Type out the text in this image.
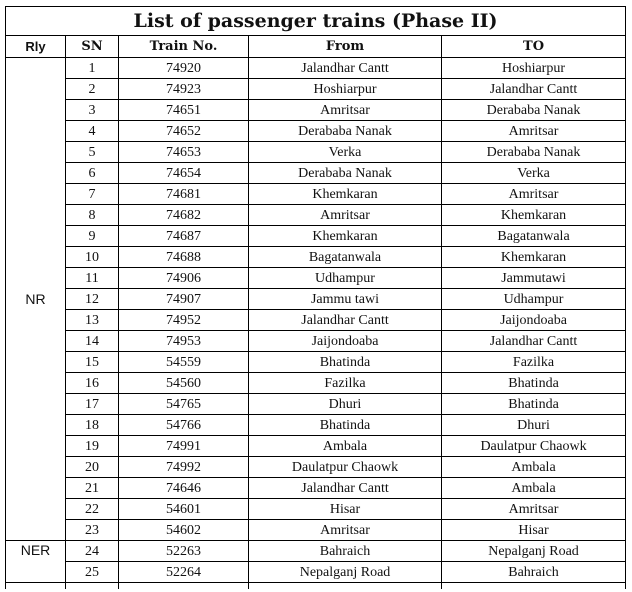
List of passenger trains (Phase II)				
Rly	SN	Train No.	From	TO
NR	1	74920	Jalandhar Cantt	Hoshiarpur
	2	74923	Hoshiarpur	Jalandhar Cantt
	3	74651	Amritsar	Derababa Nanak
	4	74652	Derababa Nanak	Amritsar
	5	74653	Verka	Derababa Nanak
	6	74654	Derababa Nanak	Verka
	7	74681	Khemkaran	Amritsar
	8	74682	Amritsar	Khemkaran
	9	74687	Khemkaran	Bagatanwala
	10	74688	Bagatanwala	Khemkaran
	11	74906	Udhampur	Jammutawi
	12	74907	Jammu tawi	Udhampur
	13	74952	Jalandhar Cantt	Jaijondoaba
	14	74953	Jaijondoaba	Jalandhar Cantt
	15	54559	Bhatinda	Fazilka
	16	54560	Fazilka	Bhatinda
	17	54765	Dhuri	Bhatinda
	18	54766	Bhatinda	Dhuri
	19	74991	Ambala	Daulatpur Chaowk
	20	74992	Daulatpur Chaowk	Ambala
	21	74646	Jalandhar Cantt	Ambala
	22	54601	Hisar	Amritsar
	23	54602	Amritsar	Hisar
NER	24	52263	Bahraich	Nepalganj Road
	25	52264	Nepalganj Road	Bahraich
